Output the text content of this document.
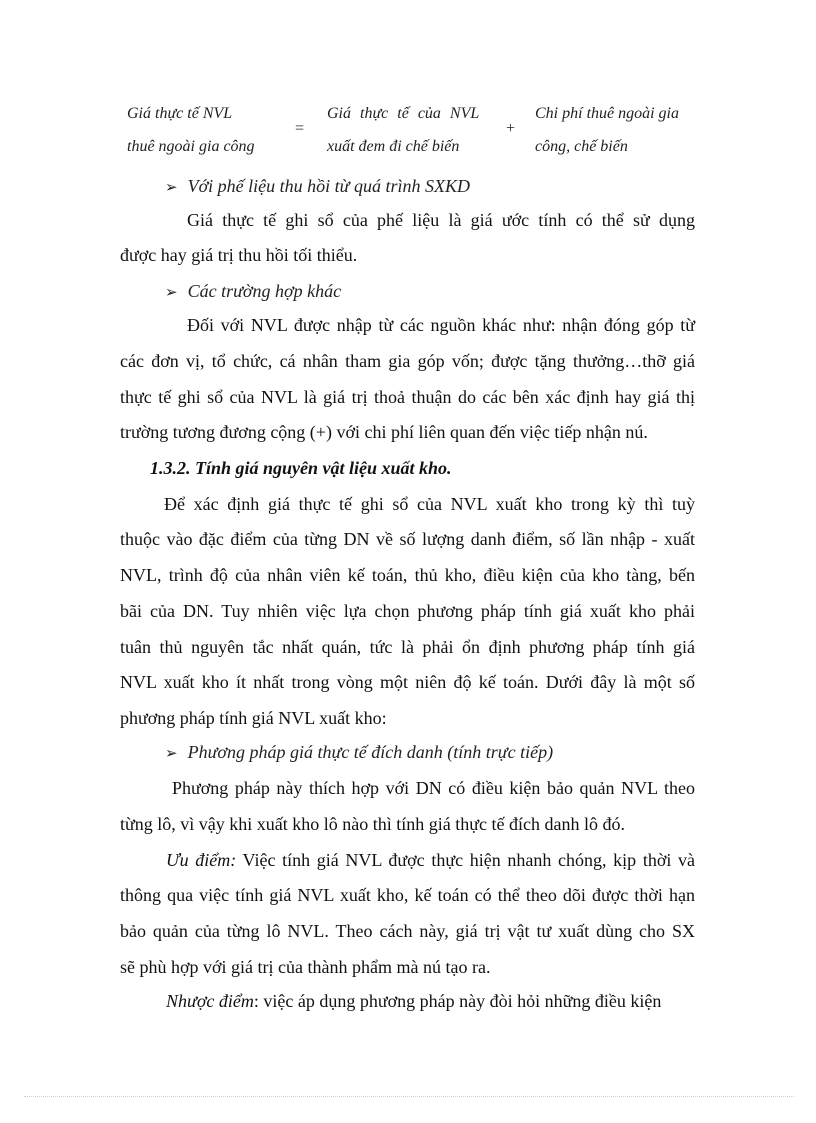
Giá thực tế NVL
thuê ngoài gia công
=
Giá thực tế của NVL
xuất đem đi chế biến
+
Chi phí thuê ngoài gia
công, chế biến
➢ Với phế liệu thu hồi từ quá trình SXKD
Giá thực tế ghi sổ của phế liệu là giá ước tính có thể sử dụng
được hay giá trị thu hồi tối thiểu.
➢ Các trường hợp khác
Đối với NVL được nhập từ các nguồn khác như: nhận đóng góp từ
các đơn vị, tổ chức, cá nhân tham gia góp vốn; được tặng thưởng…thỡ giá
thực tế ghi sổ của NVL là giá trị thoả thuận do các bên xác định hay giá thị
trường tương đương cộng (+) với chi phí liên quan đến việc tiếp nhận nú.
1.3.2. Tính giá nguyên vật liệu xuất kho.
Để xác định giá thực tế ghi sổ của NVL xuất kho trong kỳ thì tuỳ
thuộc vào đặc điểm của từng DN về số lượng danh điểm, số lần nhập - xuất
NVL, trình độ của nhân viên kế toán, thủ kho, điều kiện của kho tàng, bến
bãi của DN. Tuy nhiên việc lựa chọn phương pháp tính giá xuất kho phải
tuân thủ nguyên tắc nhất quán, tức là phải ổn định phương pháp tính giá
NVL xuất kho ít nhất trong vòng một niên độ kế toán. Dưới đây là một số
phương pháp tính giá NVL xuất kho:
➢ Phương pháp giá thực tế đích danh (tính trực tiếp)
Phương pháp này thích hợp với DN có điều kiện bảo quản NVL theo
từng lô, vì vậy khi xuất kho lô nào thì tính giá thực tế đích danh lô đó.
Ưu điểm: Việc tính giá NVL được thực hiện nhanh chóng, kịp thời và
thông qua việc tính giá NVL xuất kho, kế toán có thể theo dõi được thời hạn
bảo quản của từng lô NVL. Theo cách này, giá trị vật tư xuất dùng cho SX
sẽ phù hợp với giá trị của thành phẩm mà nú tạo ra.
Nhược điểm: việc áp dụng phương pháp này đòi hỏi những điều kiện
